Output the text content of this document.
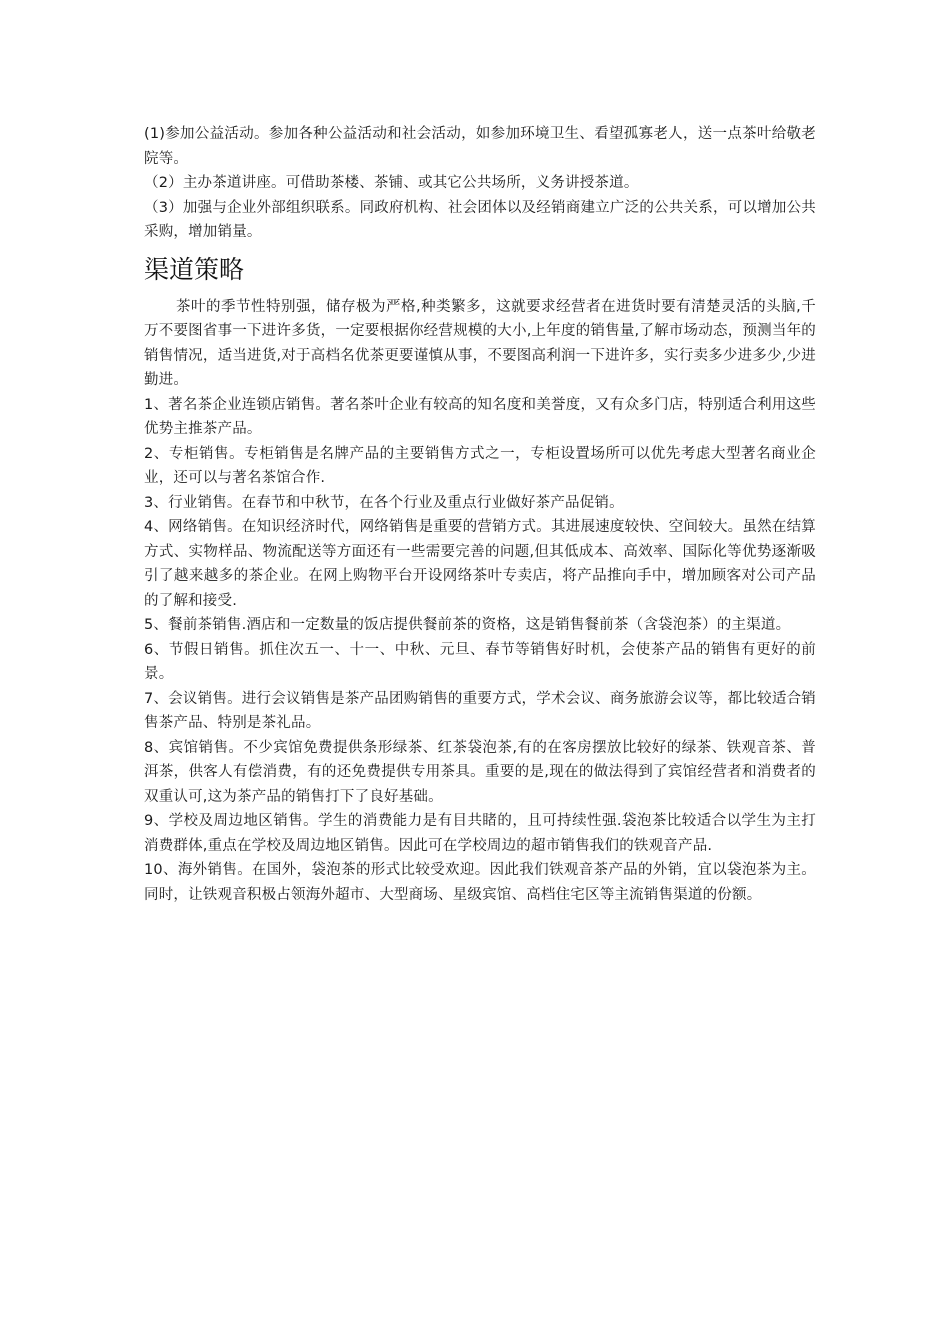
(1)参加公益活动。参加各种公益活动和社会活动，如参加环境卫生、看望孤寡老人，送一点茶叶给敬老院等。

（2）主办茶道讲座。可借助茶楼、茶铺、或其它公共场所，义务讲授茶道。

（3）加强与企业外部组织联系。同政府机构、社会团体以及经销商建立广泛的公共关系，可以增加公共采购，增加销量。

渠道策略

茶叶的季节性特别强，储存极为严格,种类繁多，这就要求经营者在进货时要有清楚灵活的头脑,千万不要图省事一下进许多货，一定要根据你经营规模的大小,上年度的销售量,了解市场动态，预测当年的销售情况，适当进货,对于高档名优茶更要谨慎从事，不要图高利润一下进许多，实行卖多少进多少,少进勤进。

1、著名茶企业连锁店销售。著名茶叶企业有较高的知名度和美誉度，又有众多门店，特别适合利用这些优势主推茶产品。

2、专柜销售。专柜销售是名牌产品的主要销售方式之一，专柜设置场所可以优先考虑大型著名商业企业，还可以与著名茶馆合作.

3、行业销售。在春节和中秋节，在各个行业及重点行业做好茶产品促销。

4、网络销售。在知识经济时代，网络销售是重要的营销方式。其进展速度较快、空间较大。虽然在结算方式、实物样品、物流配送等方面还有一些需要完善的问题,但其低成本、高效率、国际化等优势逐渐吸引了越来越多的茶企业。在网上购物平台开设网络茶叶专卖店，将产品推向手中，增加顾客对公司产品的了解和接受.

5、餐前茶销售.酒店和一定数量的饭店提供餐前茶的资格，这是销售餐前茶（含袋泡茶）的主渠道。

6、节假日销售。抓住次五一、十一、中秋、元旦、春节等销售好时机，会使茶产品的销售有更好的前景。

7、会议销售。进行会议销售是茶产品团购销售的重要方式，学术会议、商务旅游会议等，都比较适合销售茶产品、特别是茶礼品。

8、宾馆销售。不少宾馆免费提供条形绿茶、红茶袋泡茶,有的在客房摆放比较好的绿茶、铁观音茶、普洱茶，供客人有偿消费，有的还免费提供专用茶具。重要的是,现在的做法得到了宾馆经营者和消费者的双重认可,这为茶产品的销售打下了良好基础。

9、学校及周边地区销售。学生的消费能力是有目共睹的，且可持续性强.袋泡茶比较适合以学生为主打消费群体,重点在学校及周边地区销售。因此可在学校周边的超市销售我们的铁观音产品.

10、海外销售。在国外，袋泡茶的形式比较受欢迎。因此我们铁观音茶产品的外销，宜以袋泡茶为主。同时，让铁观音积极占领海外超市、大型商场、星级宾馆、高档住宅区等主流销售渠道的份额。
